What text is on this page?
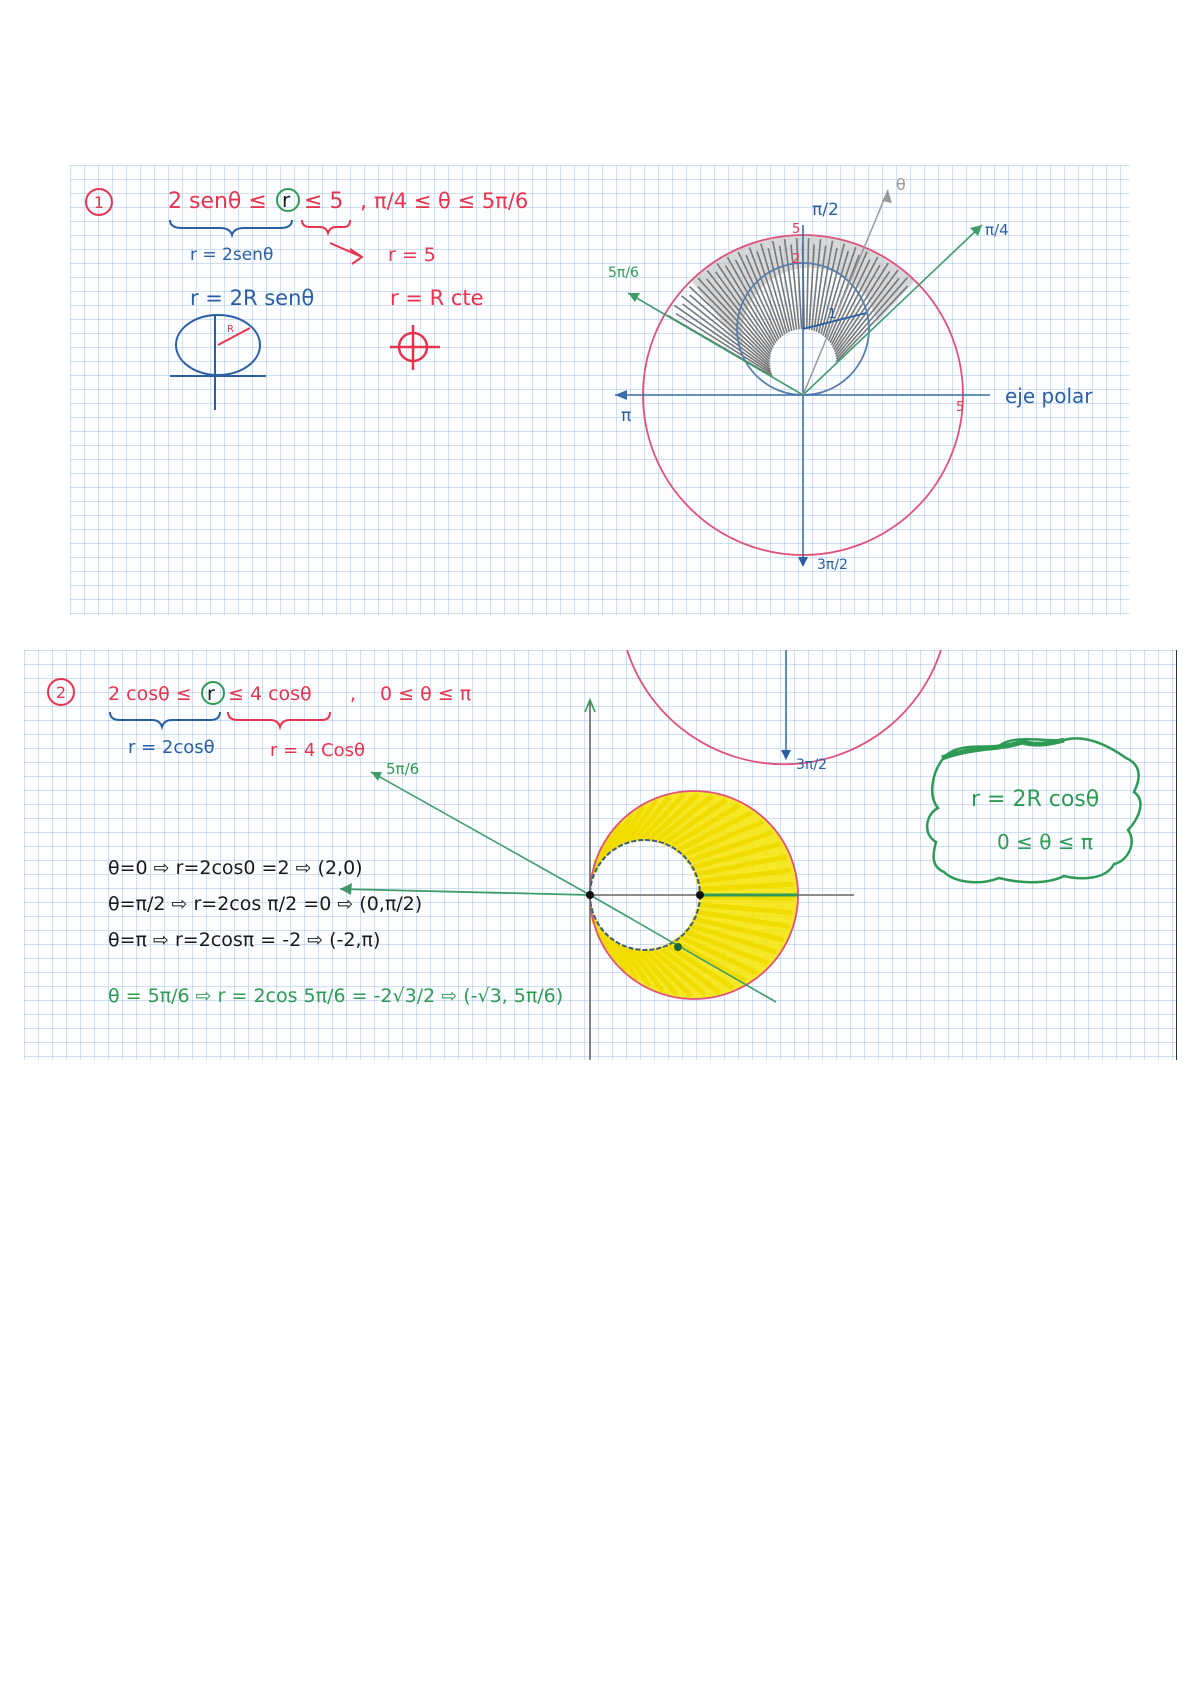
1	2 senθ ≤ r ≤ 5 , π/4 ≤ θ ≤ 5π/6
r = 2senθ	r = 5
r = 2R senθ	r = R cte
R
π/2
π
3π/2
π/4
5π/6
θ
eje polar
2
5
5
1
3π/2
2 2 cosθ ≤ r ≤ 4 cosθ , 0 ≤ θ ≤ π
r = 2cosθ	r = 4 Cosθ
θ=0 ⇨ r=2cos0 =2 ⇨ (2,0)
θ=π/2 ⇨ r=2cos π/2 =0 ⇨ (0,π/2)
θ=π ⇨ r=2cosπ = -2 ⇨ (-2,π)
θ = 5π/6 ⇨ r = 2cos 5π/6 = -2√3/2 ⇨ (-√3, 5π/6)
5π/6
r = 2R cosθ
0 ≤ θ ≤ π
